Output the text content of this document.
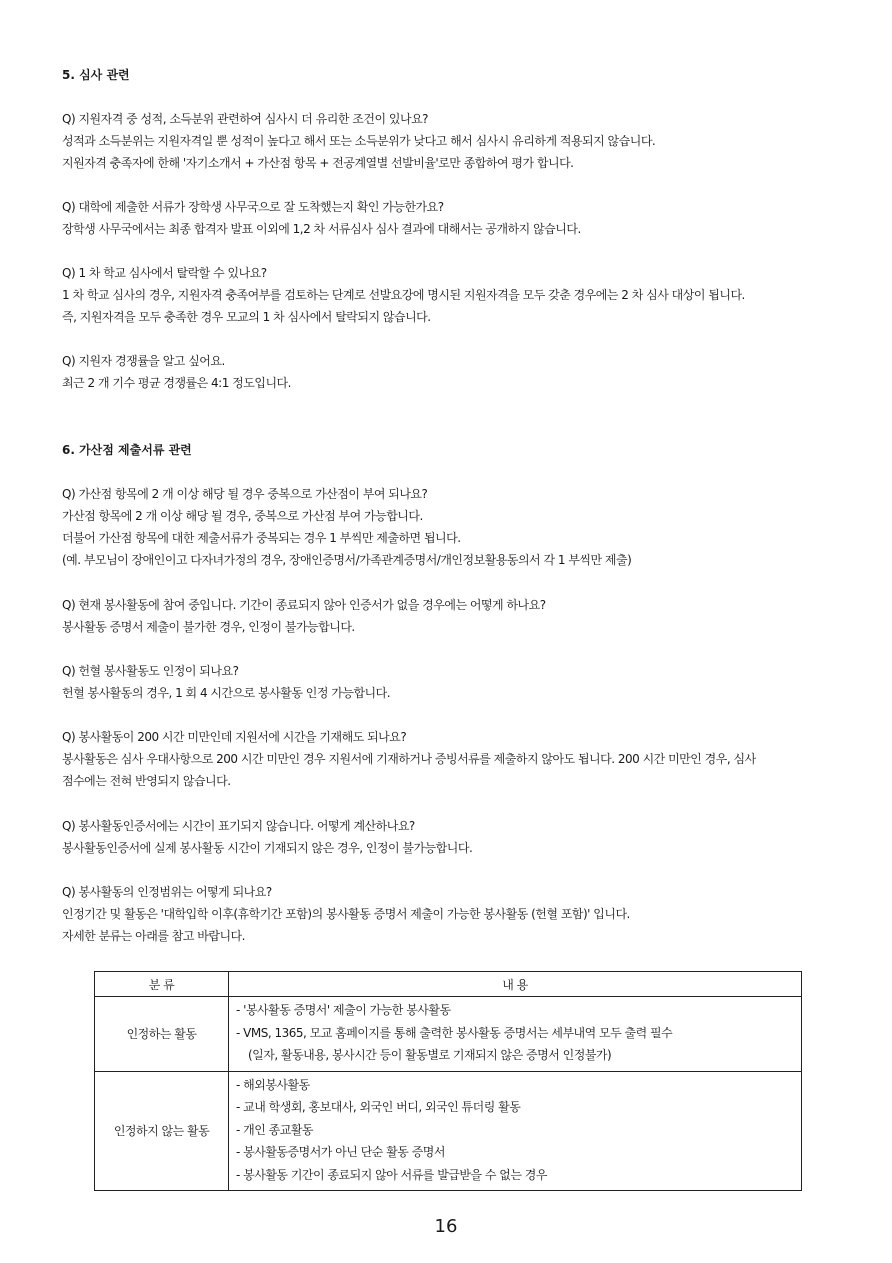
5. 심사 관련
Q) 지원자격 중 성적, 소득분위 관련하여 심사시 더 유리한 조건이 있나요?
성적과 소득분위는 지원자격일 뿐 성적이 높다고 해서 또는 소득분위가 낮다고 해서 심사시 유리하게 적용되지 않습니다.
지원자격 충족자에 한해 '자기소개서 + 가산점 항목 + 전공계열별 선발비율'로만 종합하여 평가 합니다.
Q) 대학에 제출한 서류가 장학생 사무국으로 잘 도착했는지 확인 가능한가요?
장학생 사무국에서는 최종 합격자 발표 이외에 1,2 차 서류심사 심사 결과에 대해서는 공개하지 않습니다.
Q) 1 차 학교 심사에서 탈락할 수 있나요?
1 차 학교 심사의 경우, 지원자격 충족여부를 검토하는 단계로 선발요강에 명시된 지원자격을 모두 갖춘 경우에는 2 차 심사 대상이 됩니다.
즉, 지원자격을 모두 충족한 경우 모교의 1 차 심사에서 탈락되지 않습니다.
Q) 지원자 경쟁률을 알고 싶어요.
최근 2 개 기수 평균 경쟁률은 4:1 정도입니다.
6. 가산점 제출서류 관련
Q) 가산점 항목에 2 개 이상 해당 될 경우 중복으로 가산점이 부여 되나요?
가산점 항목에 2 개 이상 해당 될 경우, 중복으로 가산점 부여 가능합니다.
더불어 가산점 항목에 대한 제출서류가 중복되는 경우 1 부씩만 제출하면 됩니다.
(예. 부모님이 장애인이고 다자녀가정의 경우, 장애인증명서/가족관계증명서/개인정보활용동의서 각 1 부씩만 제출)
Q) 현재 봉사활동에 참여 중입니다. 기간이 종료되지 않아 인증서가 없을 경우에는 어떻게 하나요?
봉사활동 증명서 제출이 불가한 경우, 인정이 불가능합니다.
Q) 헌혈 봉사활동도 인정이 되나요?
헌혈 봉사활동의 경우, 1 회 4 시간으로 봉사활동 인정 가능합니다.
Q) 봉사활동이 200 시간 미만인데 지원서에 시간을 기재해도 되나요?
봉사활동은 심사 우대사항으로 200 시간 미만인 경우 지원서에 기재하거나 증빙서류를 제출하지 않아도 됩니다. 200 시간 미만인 경우, 심사
점수에는 전혀 반영되지 않습니다.
Q) 봉사활동인증서에는 시간이 표기되지 않습니다. 어떻게 계산하나요?
봉사활동인증서에 실제 봉사활동 시간이 기재되지 않은 경우, 인정이 불가능합니다.
Q) 봉사활동의 인정범위는 어떻게 되나요?
인정기간 및 활동은 '대학입학 이후(휴학기간 포함)의 봉사활동 증명서 제출이 가능한 봉사활동 (헌혈 포함)' 입니다.
자세한 분류는 아래를 참고 바랍니다.
분 류	내 용
인정하는 활동	- '봉사활동 증명서' 제출이 가능한 봉사활동
- VMS, 1365, 모교 홈페이지를 통해 출력한 봉사활동 증명서는 세부내역 모두 출력 필수
(일자, 활동내용, 봉사시간 등이 활동별로 기재되지 않은 증명서 인정불가)

인정하지 않는 활동	- 해외봉사활동
- 교내 학생회, 홍보대사, 외국인 버디, 외국인 튜더링 활동
- 개인 종교활동
- 봉사활동증명서가 아닌 단순 활동 증명서
- 봉사활동 기간이 종료되지 않아 서류를 발급받을 수 없는 경우
16
